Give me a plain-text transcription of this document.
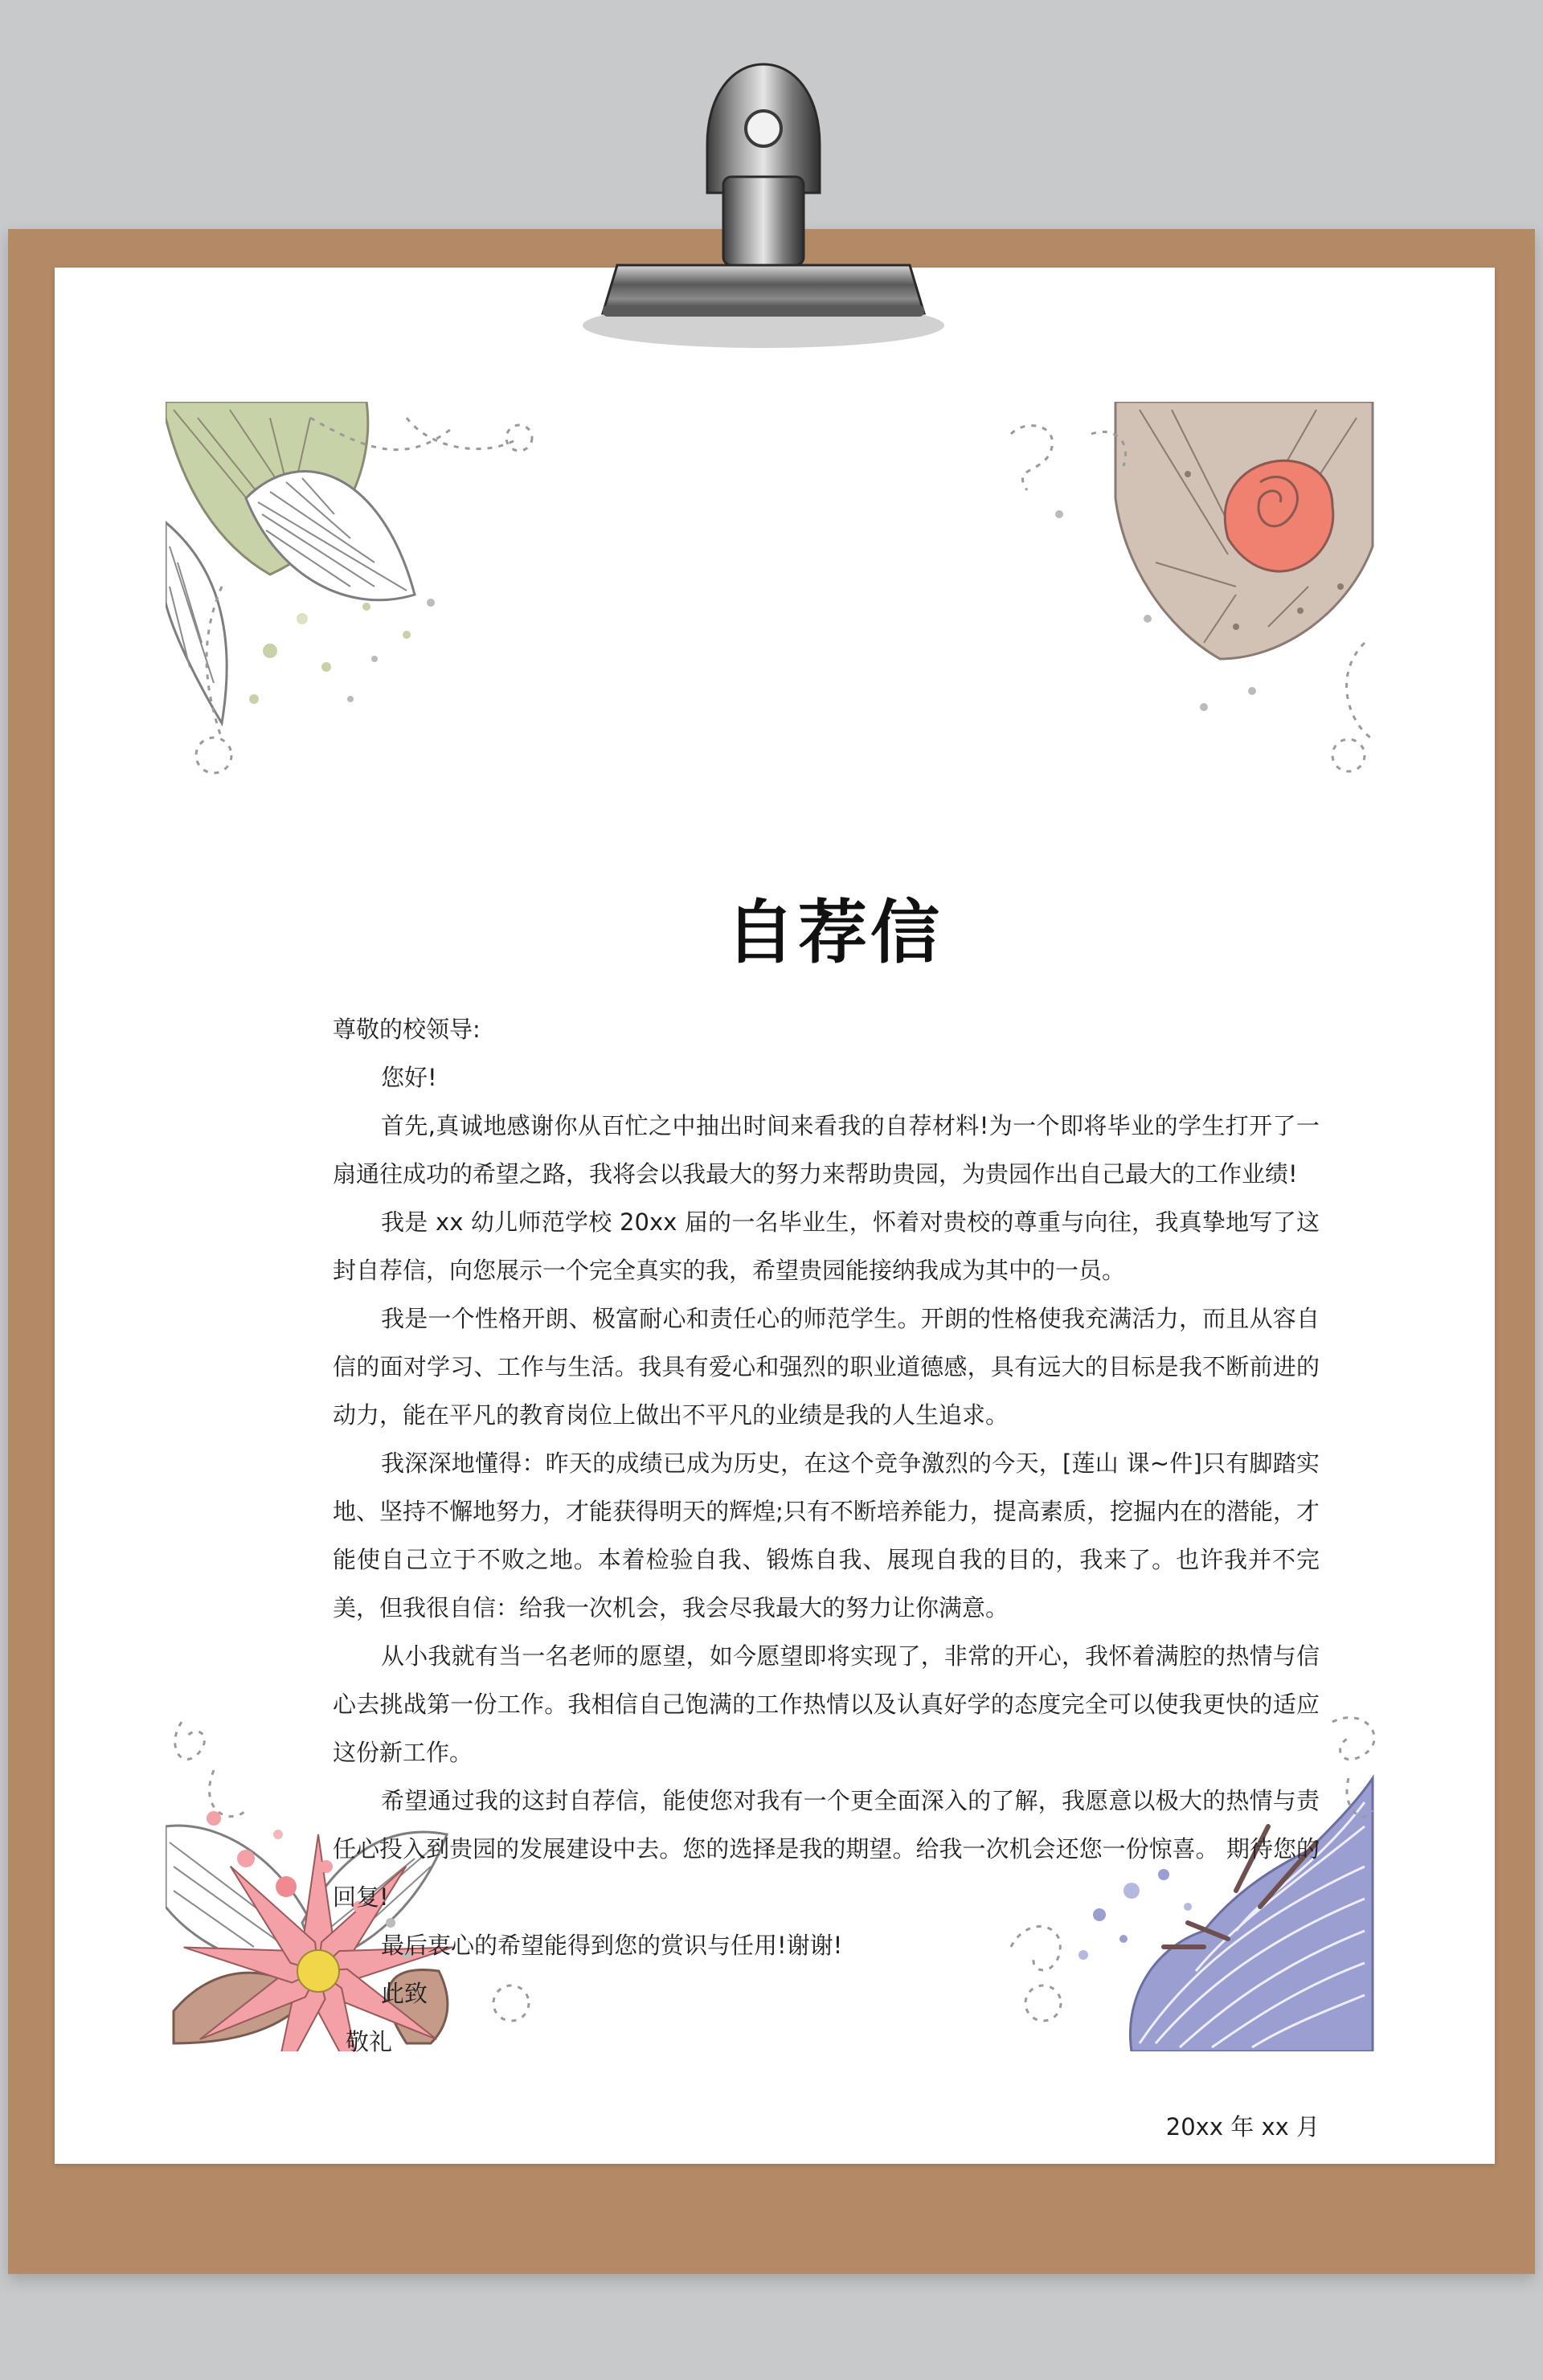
自荐信

尊敬的校领导:

您好!

首先,真诚地感谢你从百忙之中抽出时间来看我的自荐材料!为一个即将毕业的学生打开了一扇通往成功的希望之路，我将会以我最大的努力来帮助贵园，为贵园作出自己最大的工作业绩!

我是 xx 幼儿师范学校 20xx 届的一名毕业生，怀着对贵校的尊重与向往，我真挚地写了这封自荐信，向您展示一个完全真实的我，希望贵园能接纳我成为其中的一员。

我是一个性格开朗、极富耐心和责任心的师范学生。开朗的性格使我充满活力，而且从容自信的面对学习、工作与生活。我具有爱心和强烈的职业道德感，具有远大的目标是我不断前进的动力，能在平凡的教育岗位上做出不平凡的业绩是我的人生追求。

我深深地懂得：昨天的成绩已成为历史，在这个竞争激烈的今天，[莲山 课~件]只有脚踏实地、坚持不懈地努力，才能获得明天的辉煌;只有不断培养能力，提高素质，挖掘内在的潜能，才能使自己立于不败之地。本着检验自我、锻炼自我、展现自我的目的，我来了。也许我并不完美，但我很自信：给我一次机会，我会尽我最大的努力让你满意。

从小我就有当一名老师的愿望，如今愿望即将实现了，非常的开心，我怀着满腔的热情与信心去挑战第一份工作。我相信自己饱满的工作热情以及认真好学的态度完全可以使我更快的适应这份新工作。

希望通过我的这封自荐信，能使您对我有一个更全面深入的了解，我愿意以极大的热情与责任心投入到贵园的发展建设中去。您的选择是我的期望。给我一次机会还您一份惊喜。 期待您的回复!

最后衷心的希望能得到您的赏识与任用!谢谢!

此致

敬礼

20xx 年 xx 月
